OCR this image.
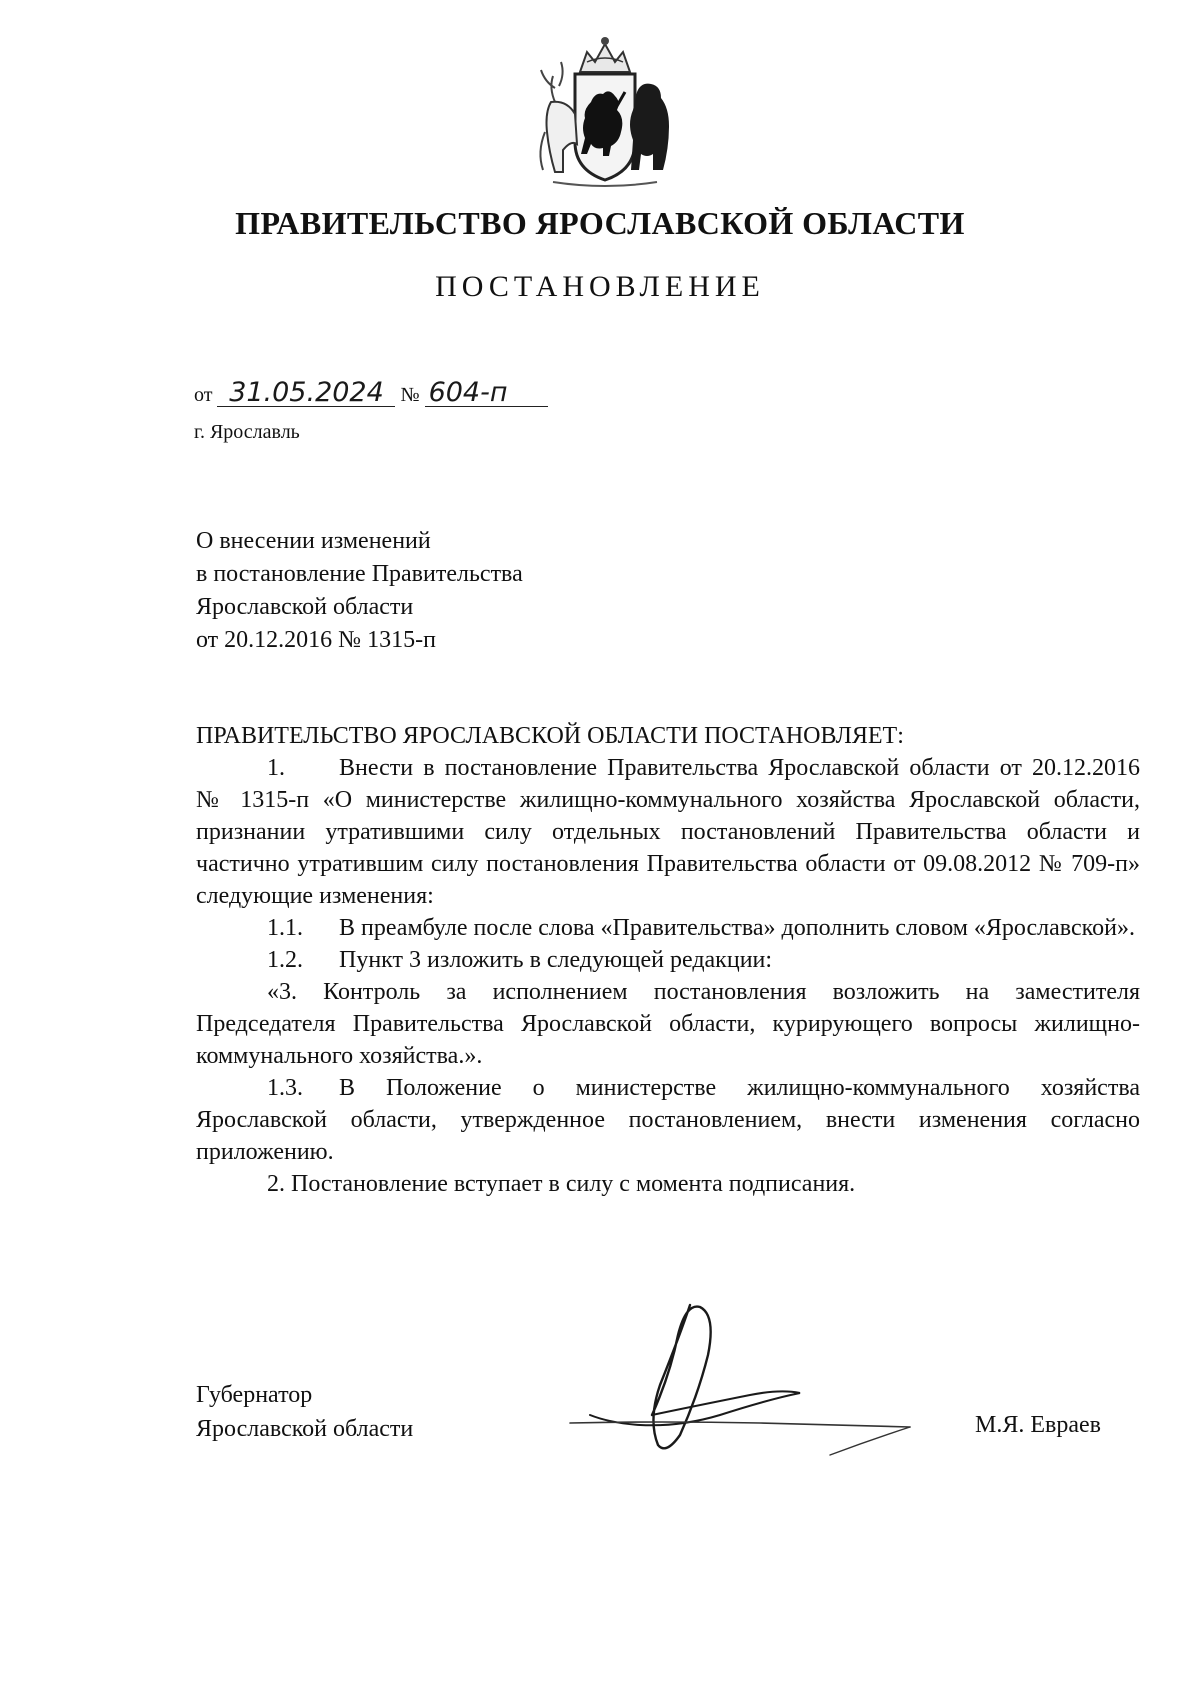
ПРАВИТЕЛЬСТВО ЯРОСЛАВСКОЙ ОБЛАСТИ
ПОСТАНОВЛЕНИЕ
от 31.05.2024 № 604-п
г. Ярославль
О внесении изменений
в постановление Правительства
Ярославской области
от 20.12.2016 № 1315-п

ПРАВИТЕЛЬСТВО ЯРОСЛАВСКОЙ ОБЛАСТИ ПОСТАНОВЛЯЕТ:

1. Внести в постановление Правительства Ярославской области от 20.12.2016 № 1315-п «О министерстве жилищно-коммунального хозяйства Ярославской области, признании утратившими силу отдельных постановлений Правительства области и частично утратившим силу постановления Правительства области от 09.08.2012 № 709-п» следующие изменения:

1.1. В преамбуле после слова «Правительства» дополнить словом «Ярославской».

1.2. Пункт 3 изложить в следующей редакции:

«3. Контроль за исполнением постановления возложить на заместителя Председателя Правительства Ярославской области, курирующего вопросы жилищно-коммунального хозяйства.».

1.3. В Положение о министерстве жилищно-коммунального хозяйства Ярославской области, утвержденное постановлением, внести изменения согласно приложению.

2. Постановление вступает в силу с момента подписания.

Губернатор
Ярославской области	М.Я. Евраев
